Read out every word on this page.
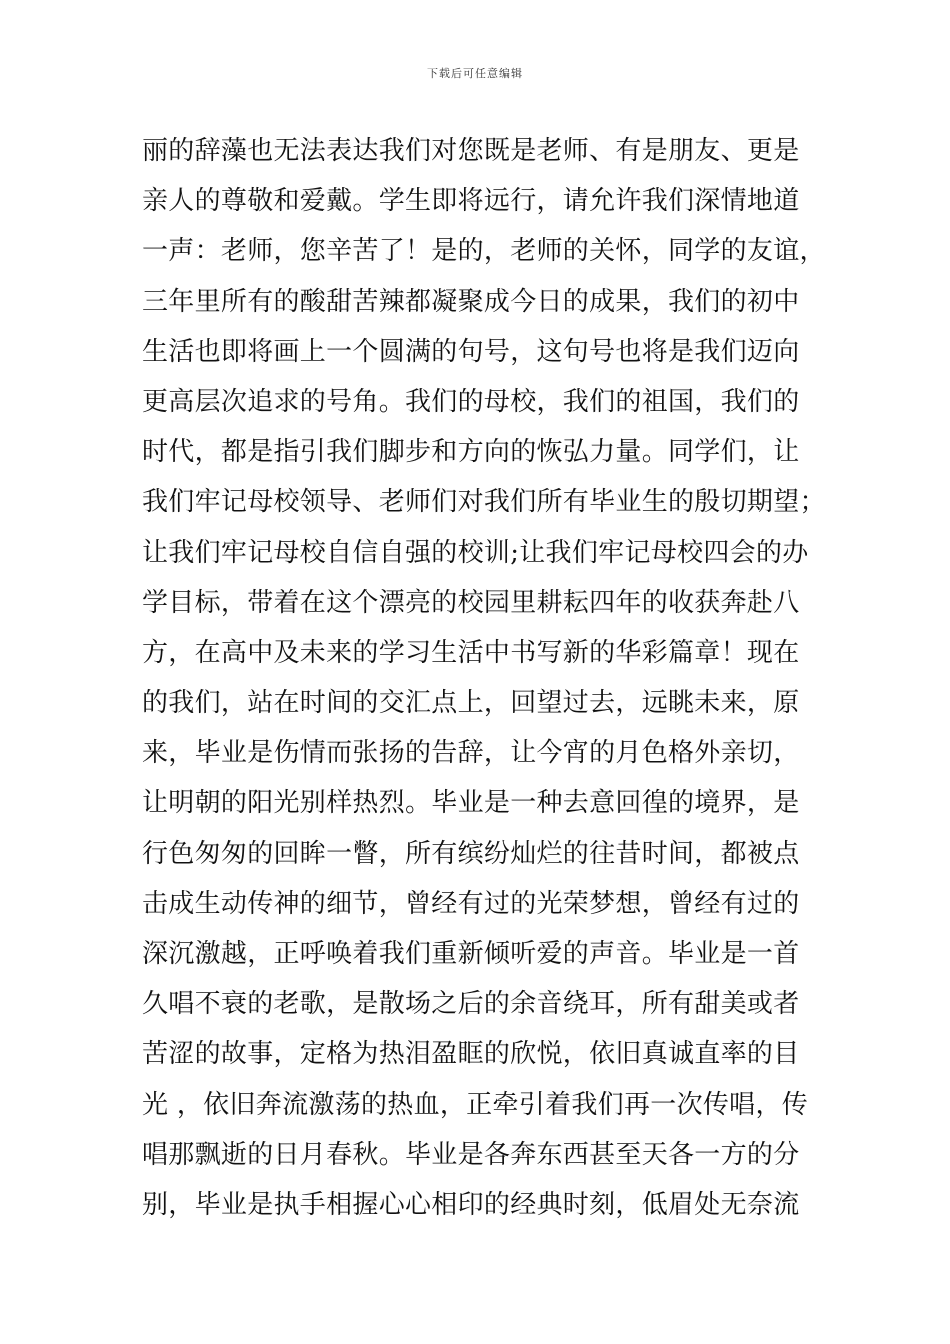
下载后可任意编辑
丽的辞藻也无法表达我们对您既是老师、有是朋友、更是
亲人的尊敬和爱戴。学生即将远行，请允许我们深情地道
一声：老师，您辛苦了！是的，老师的关怀，同学的友谊，
三年里所有的酸甜苦辣都凝聚成今日的成果，我们的初中
生活也即将画上一个圆满的句号，这句号也将是我们迈向
更高层次追求的号角。我们的母校，我们的祖国，我们的
时代，都是指引我们脚步和方向的恢弘力量。同学们，让
我们牢记母校领导、老师们对我们所有毕业生的殷切期望；
让我们牢记母校自信自强的校训;让我们牢记母校四会的办
学目标，带着在这个漂亮的校园里耕耘四年的收获奔赴八
方，在高中及未来的学习生活中书写新的华彩篇章！现在
的我们，站在时间的交汇点上，回望过去，远眺未来，原
来，毕业是伤情而张扬的告辞，让今宵的月色格外亲切，
让明朝的阳光别样热烈。毕业是一种去意回徨的境界，是
行色匆匆的回眸一瞥，所有缤纷灿烂的往昔时间，都被点
击成生动传神的细节，曾经有过的光荣梦想，曾经有过的
深沉激越，正呼唤着我们重新倾听爱的声音。毕业是一首
久唱不衰的老歌，是散场之后的余音绕耳，所有甜美或者
苦涩的故事，定格为热泪盈眶的欣悦，依旧真诚直率的目
光 ，依旧奔流激荡的热血，正牵引着我们再一次传唱，传
唱那飘逝的日月春秋。毕业是各奔东西甚至天各一方的分
别，毕业是执手相握心心相印的经典时刻，低眉处无奈流
